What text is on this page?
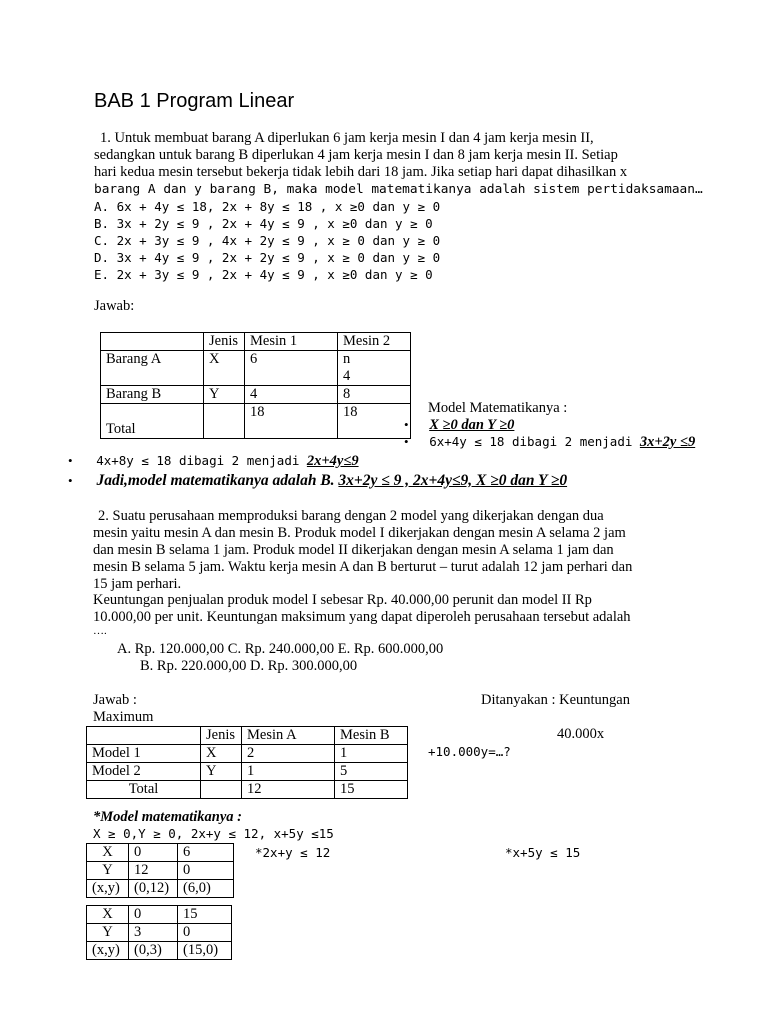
BAB 1 Program Linear
1. Untuk membuat barang A diperlukan 6 jam kerja mesin I dan 4 jam kerja mesin II,
sedangkan untuk barang B diperlukan 4 jam kerja mesin I dan 8 jam kerja mesin II. Setiap
hari kedua mesin tersebut bekerja tidak lebih dari 18 jam. Jika setiap hari dapat dihasilkan x
barang A dan y barang B, maka model matematikanya adalah sistem pertidaksamaan…
A. 6x + 4y ≤ 18, 2x + 8y ≤ 18 , x ≥0 dan y ≥ 0
B. 3x + 2y ≤ 9 , 2x + 4y ≤ 9 , x ≥0 dan y ≥ 0
C. 2x + 3y ≤ 9 , 4x + 2y ≤ 9 , x ≥ 0 dan y ≥ 0
D. 3x + 4y ≤ 9 , 2x + 2y ≤ 9 , x ≥ 0 dan y ≥ 0
E. 2x + 3y ≤ 9 , 2x + 4y ≤ 9 , x ≥0 dan y ≥ 0
Jawab:
	Jenis	Mesin 1	Mesin 2
Barang A	X	6	n
4

Barang B	Y	4	8
Total		18	18	Model Matematikanya :
• X ≥0 dan Y ≥0
• 6x+4y ≤ 18 dibagi 2 menjadi 3x+2y ≤9
• 4x+8y ≤ 18 dibagi 2 menjadi 2x+4y≤9
• Jadi,model matematikanya adalah B. 3x+2y ≤ 9 , 2x+4y≤9, X ≥0 dan Y ≥0
2. Suatu perusahaan memproduksi barang dengan 2 model yang dikerjakan dengan dua
mesin yaitu mesin A dan mesin B. Produk model I dikerjakan dengan mesin A selama 2 jam
dan mesin B selama 1 jam. Produk model II dikerjakan dengan mesin A selama 1 jam dan
mesin B selama 5 jam. Waktu kerja mesin A dan B berturut – turut adalah 12 jam perhari dan
15 jam perhari.
Keuntungan penjualan produk model I sebesar Rp. 40.000,00 perunit dan model II Rp
10.000,00 per unit. Keuntungan maksimum yang dapat diperoleh perusahaan tersebut adalah
….
A. Rp. 120.000,00 C. Rp. 240.000,00 E. Rp. 600.000,00
B. Rp. 220.000,00 D. Rp. 300.000,00
Jawab :	Ditanyakan : Keuntungan
Maximum
	Jenis	Mesin A	Mesin B
Model 1	X	2	1
Model 2	Y	1	5
Total		12	15
40.000x
+10.000y=…?
*Model matematikanya :
X ≥ 0,Y ≥ 0, 2x+y ≤ 12, x+5y ≤15
*2x+y ≤ 12	*x+5y ≤ 15
X	0	6
Y	12	0
(x,y)	(0,12)	(6,0)
X	0	15
Y	3	0
(x,y)	(0,3)	(15,0)
